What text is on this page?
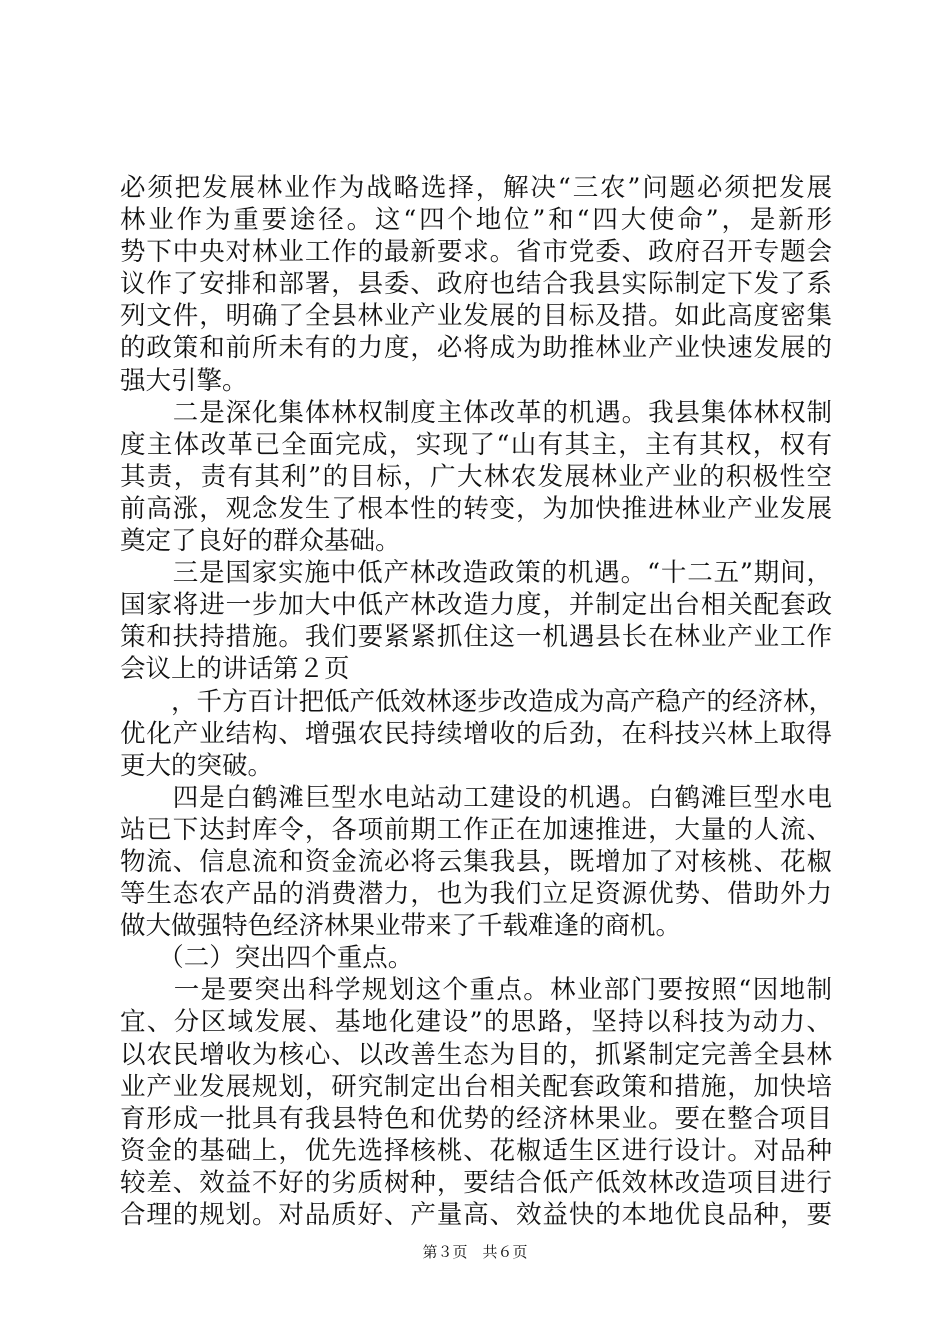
必须把发展林业作为战略选择，解决“三农”问题必须把发展
林业作为重要途径。这“四个地位”和“四大使命”，是新形
势下中央对林业工作的最新要求。省市党委、政府召开专题会
议作了安排和部署，县委、政府也结合我县实际制定下发了系
列文件，明确了全县林业产业发展的目标及措。如此高度密集
的政策和前所未有的力度，必将成为助推林业产业快速发展的
强大引擎。
　　二是深化集体林权制度主体改革的机遇。我县集体林权制
度主体改革已全面完成，实现了“山有其主，主有其权，权有
其责，责有其利”的目标，广大林农发展林业产业的积极性空
前高涨，观念发生了根本性的转变，为加快推进林业产业发展
奠定了良好的群众基础。
　　三是国家实施中低产林改造政策的机遇。“十二五”期间，
国家将进一步加大中低产林改造力度，并制定出台相关配套政
策和扶持措施。我们要紧紧抓住这一机遇县长在林业产业工作
会议上的讲话第２页
　　，千方百计把低产低效林逐步改造成为高产稳产的经济林，
优化产业结构、增强农民持续增收的后劲，在科技兴林上取得
更大的突破。
　　四是白鹤滩巨型水电站动工建设的机遇。白鹤滩巨型水电
站已下达封库令，各项前期工作正在加速推进，大量的人流、
物流、信息流和资金流必将云集我县，既增加了对核桃、花椒
等生态农产品的消费潜力，也为我们立足资源优势、借助外力
做大做强特色经济林果业带来了千载难逢的商机。
　　（二）突出四个重点。
　　一是要突出科学规划这个重点。林业部门要按照“因地制
宜、分区域发展、基地化建设”的思路，坚持以科技为动力、
以农民增收为核心、以改善生态为目的，抓紧制定完善全县林
业产业发展规划，研究制定出台相关配套政策和措施，加快培
育形成一批具有我县特色和优势的经济林果业。要在整合项目
资金的基础上，优先选择核桃、花椒适生区进行设计。对品种
较差、效益不好的劣质树种，要结合低产低效林改造项目进行
合理的规划。对品质好、产量高、效益快的本地优良品种，要
第３页　共６页
